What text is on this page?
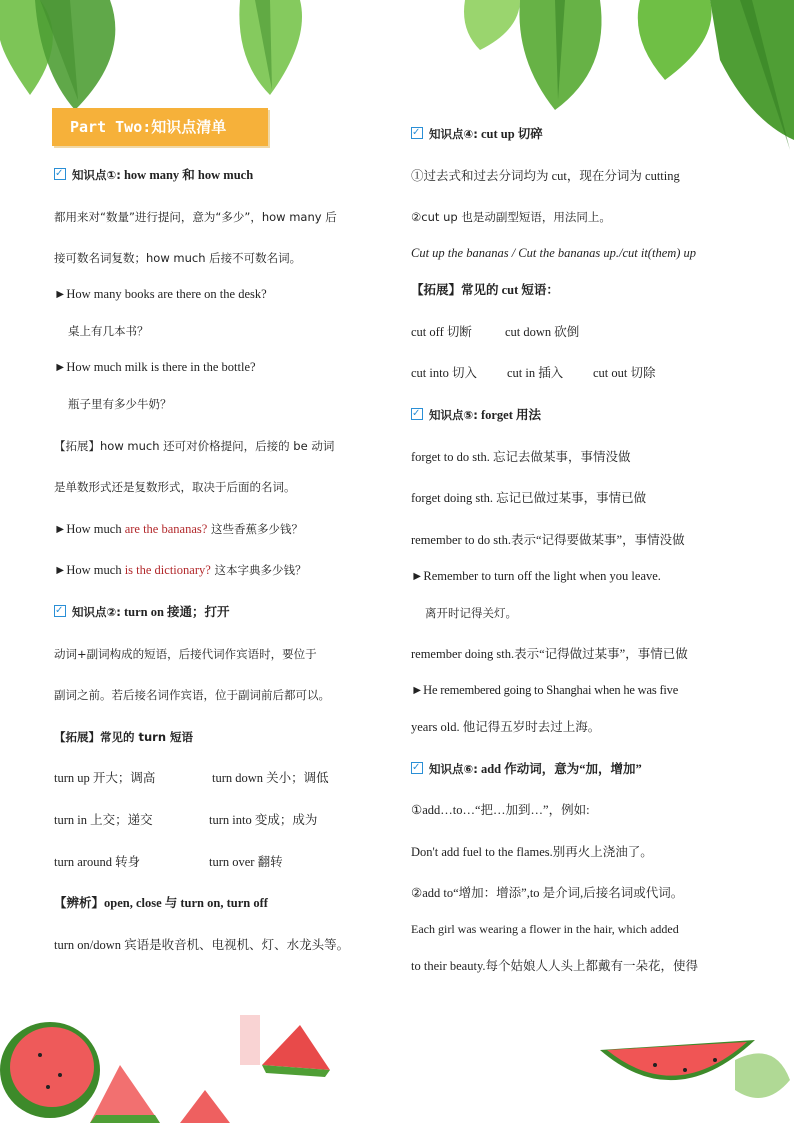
Part Two:知识点清单
✓知识点①: how many 和 how much
都用来对“数量”进行提问，意为“多少”，how many 后
接可数名词复数；how much 后接不可数名词。
►How many books are there on the desk?
桌上有几本书？
►How much milk is there in the bottle?
瓶子里有多少牛奶？
【拓展】how much 还可对价格提问，后接的 be 动词
是单数形式还是复数形式，取决于后面的名词。
►How much are the bananas? 这些香蕉多少钱？
►How much is the dictionary? 这本字典多少钱？
✓知识点②: turn on 接通；打开
动词+副词构成的短语，后接代词作宾语时，要位于
副词之前。若后接名词作宾语，位于副词前后都可以。
【拓展】常见的 turn 短语
turn up 开大；调高	turn down 关小；调低
turn in 上交；递交	turn into 变成；成为
turn around 转身	turn over 翻转
【辨析】open, close 与 turn on, turn off
turn on/down 宾语是收音机、电视机、灯、水龙头等。
✓知识点④: cut up 切碎
①过去式和过去分词均为 cut，现在分词为 cutting
②cut up 也是动副型短语，用法同上。
Cut up the bananas / Cut the bananas up./cut it(them) up
【拓展】常见的 cut 短语：
cut off 切断	cut down 砍倒
cut into 切入 cut in 插入 cut out 切除
✓知识点⑤: forget 用法
forget to do sth. 忘记去做某事，事情没做
forget doing sth. 忘记已做过某事，事情已做
remember to do sth.表示“记得要做某事”，事情没做
►Remember to turn off the light when you leave.
离开时记得关灯。
remember doing sth.表示“记得做过某事”，事情已做
►He remembered going to Shanghai when he was five
years old. 他记得五岁时去过上海。
✓知识点⑥: add 作动词，意为“加，增加”
①add…to…“把…加到…”，例如:
Don't add fuel to the flames.别再火上浇油了。
②add to“增加：增添”,to 是介词,后接名词或代词。
Each girl was wearing a flower in the hair, which added
to their beauty.每个姑娘人人头上都戴有一朵花，使得
